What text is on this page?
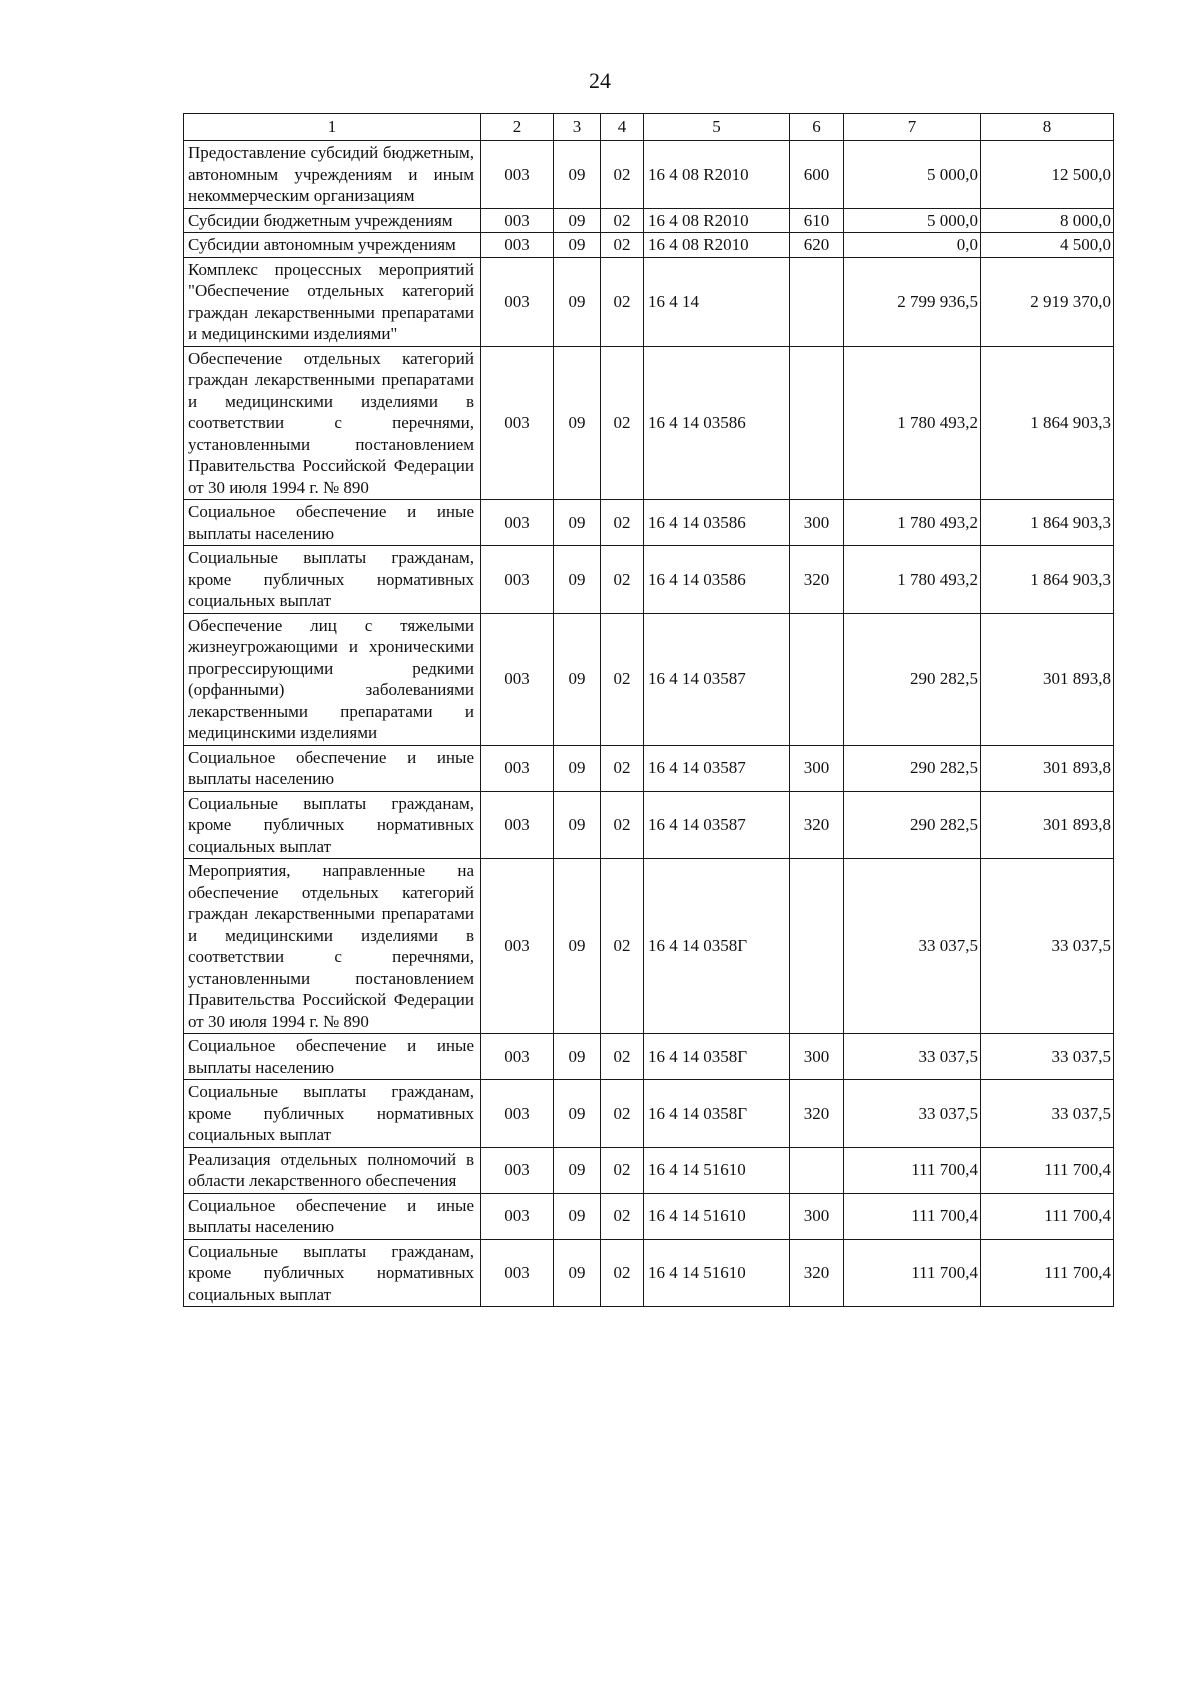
24
1	2	3	4	5	6	7	8
Предоставление субсидий бюджетным, автономным учреждениям и иным некоммерческим организациям	003	09	02	16 4 08 R2010	600	5 000,0	12 500,0
Субсидии бюджетным учреждениям	003	09	02	16 4 08 R2010	610	5 000,0	8 000,0
Субсидии автономным учреждениям	003	09	02	16 4 08 R2010	620	0,0	4 500,0
Комплекс процессных мероприятий "Обеспечение отдельных категорий граждан лекарственными препаратами и медицинскими изделиями"	003	09	02	16 4 14		2 799 936,5	2 919 370,0
Обеспечение отдельных категорий граждан лекарственными препаратами и медицинскими изделиями в соответствии с перечнями, установленными постановлением Правительства Российской Федерации от 30 июля 1994 г. № 890	003	09	02	16 4 14 03586		1 780 493,2	1 864 903,3
Социальное обеспечение и иные выплаты населению	003	09	02	16 4 14 03586	300	1 780 493,2	1 864 903,3
Социальные выплаты гражданам, кроме публичных нормативных социальных выплат	003	09	02	16 4 14 03586	320	1 780 493,2	1 864 903,3
Обеспечение лиц с тяжелыми жизнеугрожающими и хроническими прогрессирующими редкими (орфанными) заболеваниями лекарственными препаратами и медицинскими изделиями	003	09	02	16 4 14 03587		290 282,5	301 893,8
Социальное обеспечение и иные выплаты населению	003	09	02	16 4 14 03587	300	290 282,5	301 893,8
Социальные выплаты гражданам, кроме публичных нормативных социальных выплат	003	09	02	16 4 14 03587	320	290 282,5	301 893,8
Мероприятия, направленные на обеспечение отдельных категорий граждан лекарственными препаратами и медицинскими изделиями в соответствии с перечнями, установленными постановлением Правительства Российской Федерации от 30 июля 1994 г. № 890	003	09	02	16 4 14 0358Г		33 037,5	33 037,5
Социальное обеспечение и иные выплаты населению	003	09	02	16 4 14 0358Г	300	33 037,5	33 037,5
Социальные выплаты гражданам, кроме публичных нормативных социальных выплат	003	09	02	16 4 14 0358Г	320	33 037,5	33 037,5
Реализация отдельных полномочий в области лекарственного обеспечения	003	09	02	16 4 14 51610		111 700,4	111 700,4
Социальное обеспечение и иные выплаты населению	003	09	02	16 4 14 51610	300	111 700,4	111 700,4
Социальные выплаты гражданам, кроме публичных нормативных социальных выплат	003	09	02	16 4 14 51610	320	111 700,4	111 700,4
